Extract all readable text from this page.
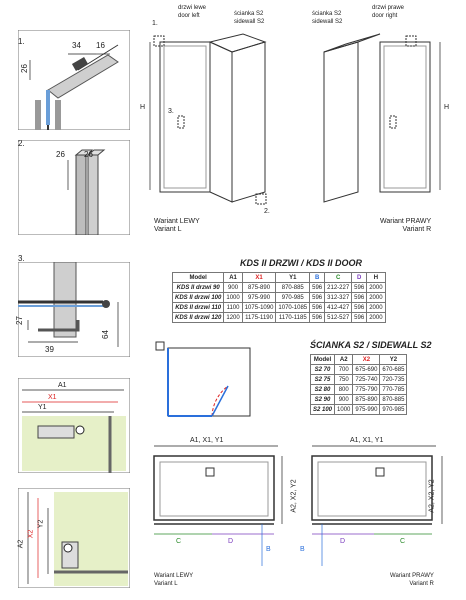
1.	34 16
26
2.
26 26
3.
27
39
64
A1
X1
Y1
A2
X2
Y2
drzwi lewe
door left	ścianka S2
sidewall S2
1.
3.
2.
H
Wariant LEWY
Variant L
ścianka S2
sidewall S2
drzwi prawe
door right
H
Wariant PRAWY
Variant R
KDS II DRZWI / KDS II DOOR
Model	A1	X1	Y1	B	C	D	H
KDS II drzwi 90	900	875-890	870-885	596	212-227	596	2000
KDS II drzwi 100	1000	975-990	970-985	596	312-327	596	2000
KDS II drzwi 110	1100	1075-1090	1070-1085	596	412-427	596	2000
KDS II drzwi 120	1200	1175-1190	1170-1185	596	512-527	596	2000
ŚCIANKA S2 / SIDEWALL S2
Model	A2	X2	Y2
S2 70	700	675-690	670-685
S2 75	750	725-740	720-735
S2 80	800	775-790	770-785
S2 90	900	875-890	870-885
S2 100	1000	975-990	970-985
A1, X1, Y1
A2, X2, Y2
C	D
B
Wariant LEWY
Variant L
A1, X1, Y1
A2, X2, Y2
D	C
B
Wariant PRAWY
Variant R
